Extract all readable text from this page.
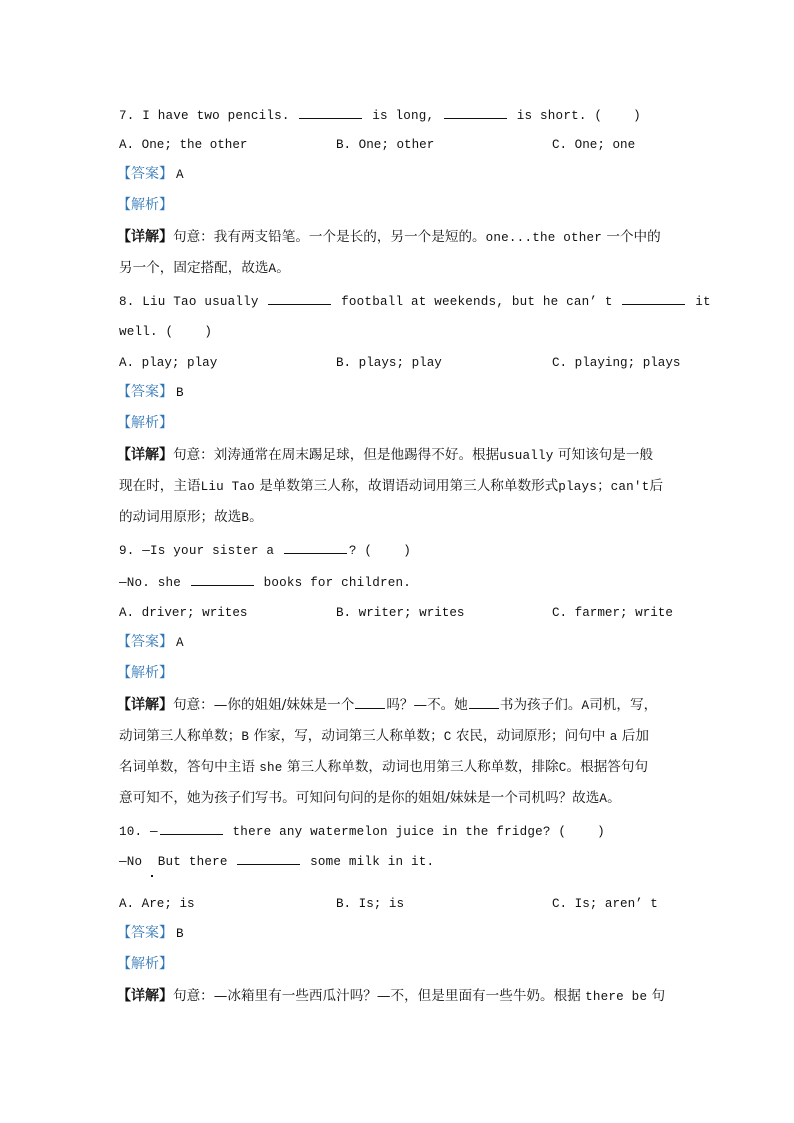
7. I have two pencils.	is long,	is short. (    )
A. One; the other	B. One; other	C. One; one
【答案】 A
【解析】
【详解】句意：我有两支铅笔。一个是长的，另一个是短的。one...the other 一个中的
另一个，固定搭配，故选A。
8. Liu Tao usually	football at weekends, but he can’ t	it
well. (    )
A. play; play	B. plays; play	C. playing; plays
【答案】 B
【解析】
【详解】句意：刘涛通常在周末踢足球，但是他踢得不好。根据usually 可知该句是一般
现在时，主语Liu Tao 是单数第三人称，故谓语动词用第三人称单数形式plays；can't后
的动词用原形；故选B。
9. —Is your sister a	? (    )
—No. she	books for children.
A. driver; writes	B. writer; writes	C. farmer; write
【答案】 A
【解析】
【详解】句意：—你的姐姐/妹妹是一个 吗？—不。她 书为孩子们。A司机，写，
动词第三人称单数；B 作家，写，动词第三人称单数；C 农民，动词原形；问句中 a 后加
名词单数，答句中主语 she 第三人称单数，动词也用第三人称单数，排除C。根据答句句
意可知不，她为孩子们写书。可知问句问的是你的姐姐/妹妹是一个司机吗？故选A。
10. —	there any watermelon juice in the fridge? (    )
—No  But there	some milk in it.
A. Are; is	B. Is; is	C. Is; aren’ t
【答案】 B
【解析】
【详解】句意：—冰箱里有一些西瓜汁吗？—不，但是里面有一些牛奶。根据 there be 句
